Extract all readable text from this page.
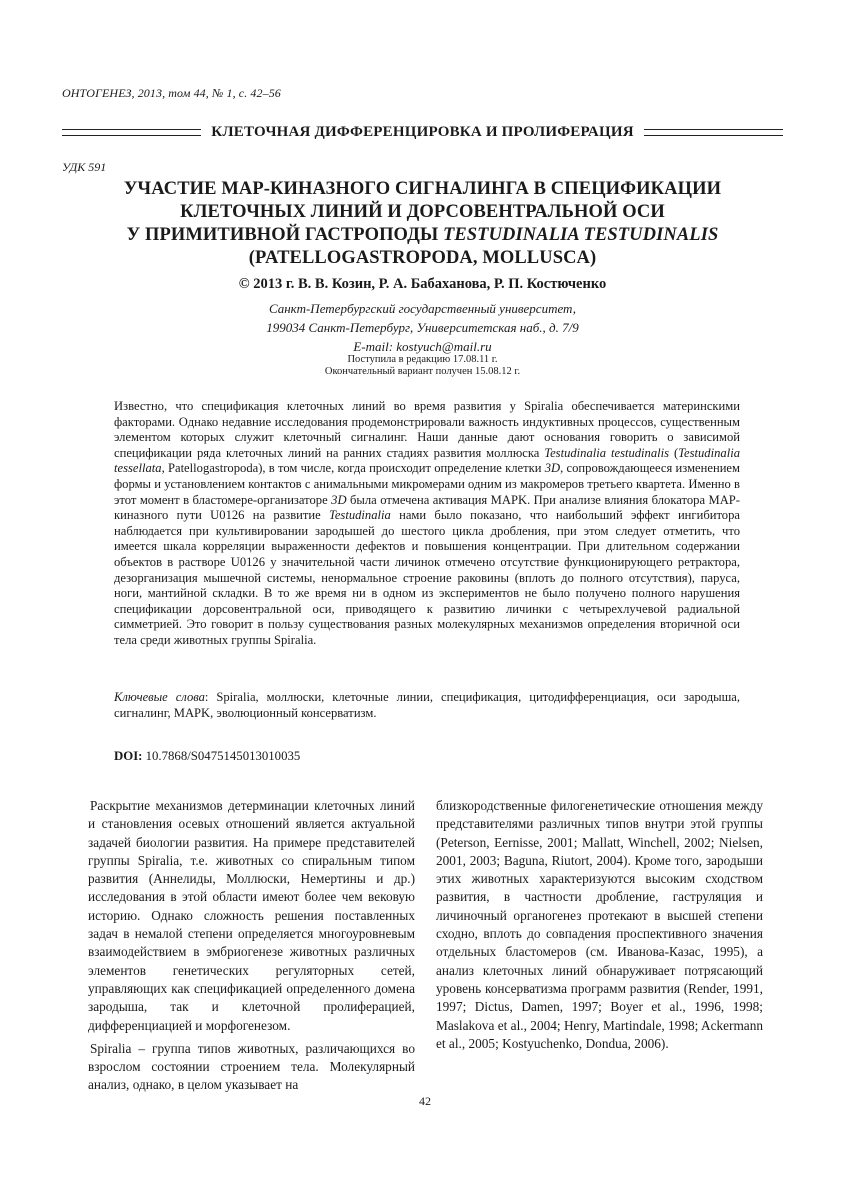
ОНТОГЕНЕЗ, 2013, том 44, № 1, с. 42–56
КЛЕТОЧНАЯ ДИФФЕРЕНЦИРОВКА И ПРОЛИФЕРАЦИЯ
УДК 591
УЧАСТИЕ MAP-КИНАЗНОГО СИГНАЛИНГА В СПЕЦИФИКАЦИИ
КЛЕТОЧНЫХ ЛИНИЙ И ДОРСОВЕНТРАЛЬНОЙ ОСИ
У ПРИМИТИВНОЙ ГАСТРОПОДЫ TESTUDINALIA TESTUDINALIS
(PATELLOGASTROPODA, MOLLUSCA)
© 2013 г. В. В. Козин, Р. А. Бабаханова, Р. П. Костюченко
Санкт-Петербургский государственный университет,
199034 Санкт-Петербург, Университетская наб., д. 7/9
E-mail: kostyuch@mail.ru
Поступила в редакцию 17.08.11 г.
Окончательный вариант получен 15.08.12 г.

Известно, что спецификация клеточных линий во время развития у Spiralia обеспечивается материнскими факторами. Однако недавние исследования продемонстрировали важность индуктивных процессов, существенным элементом которых служит клеточный сигналинг. Наши данные дают основания говорить о зависимой спецификации ряда клеточных линий на ранних стадиях развития моллюска Testudinalia testudinalis (Testudinalia tessellata, Patellogastropoda), в том числе, когда происходит определение клетки 3D, сопровождающееся изменением формы и установлением контактов с анимальными микромерами одним из макромеров третьего квартета. Именно в этот момент в бластомере-организаторе 3D была отмечена активация MAPK. При анализе влияния блокатора MAP-киназного пути U0126 на развитие Testudinalia нами было показано, что наибольший эффект ингибитора наблюдается при культивировании зародышей до шестого цикла дробления, при этом следует отметить, что имеется шкала корреляции выраженности дефектов и повышения концентрации. При длительном содержании объектов в растворе U0126 у значительной части личинок отмечено отсутствие функционирующего ретрактора, дезорганизация мышечной системы, ненормальное строение раковины (вплоть до полного отсутствия), паруса, ноги, мантийной складки. В то же время ни в одном из экспериментов не было получено полного нарушения спецификации дорсовентральной оси, приводящего к развитию личинки с четырехлучевой радиальной симметрией. Это говорит в пользу существования разных молекулярных механизмов определения вторичной оси тела среди животных группы Spiralia.

Ключевые слова: Spiralia, моллюски, клеточные линии, спецификация, цитодифференциация, оси зародыша, сигналинг, MAPK, эволюционный консерватизм.
DOI: 10.7868/S0475145013010035

Раскрытие механизмов детерминации клеточных линий и становления осевых отношений является актуальной задачей биологии развития. На примере представителей группы Spiralia, т.е. животных со спиральным типом развития (Аннелиды, Моллюски, Немертины и др.) исследования в этой области имеют более чем вековую историю. Однако сложность решения поставленных задач в немалой степени определяется многоуровневым взаимодействием в эмбриогенезе животных различных элементов генетических регуляторных сетей, управляющих как спецификацией определенного домена зародыша, так и клеточной пролиферацией, дифференциацией и морфогенезом.

Spiralia – группа типов животных, различающихся во взрослом состоянии строением тела. Молекулярный анализ, однако, в целом указывает на

близкородственные филогенетические отношения между представителями различных типов внутри этой группы (Peterson, Eernisse, 2001; Mallatt, Winchell, 2002; Nielsen, 2001, 2003; Baguna, Riutort, 2004). Кроме того, зародыши этих животных характеризуются высоким сходством развития, в частности дробление, гаструляция и личиночный органогенез протекают в высшей степени сходно, вплоть до совпадения проспективного значения отдельных бластомеров (см. Иванова-Казас, 1995), а анализ клеточных линий обнаруживает потрясающий уровень консерватизма программ развития (Render, 1991, 1997; Dictus, Damen, 1997; Boyer et al., 1996, 1998; Maslakova et al., 2004; Henry, Martindale, 1998; Ackermann et al., 2005; Kostyuchenko, Dondua, 2006).

42
